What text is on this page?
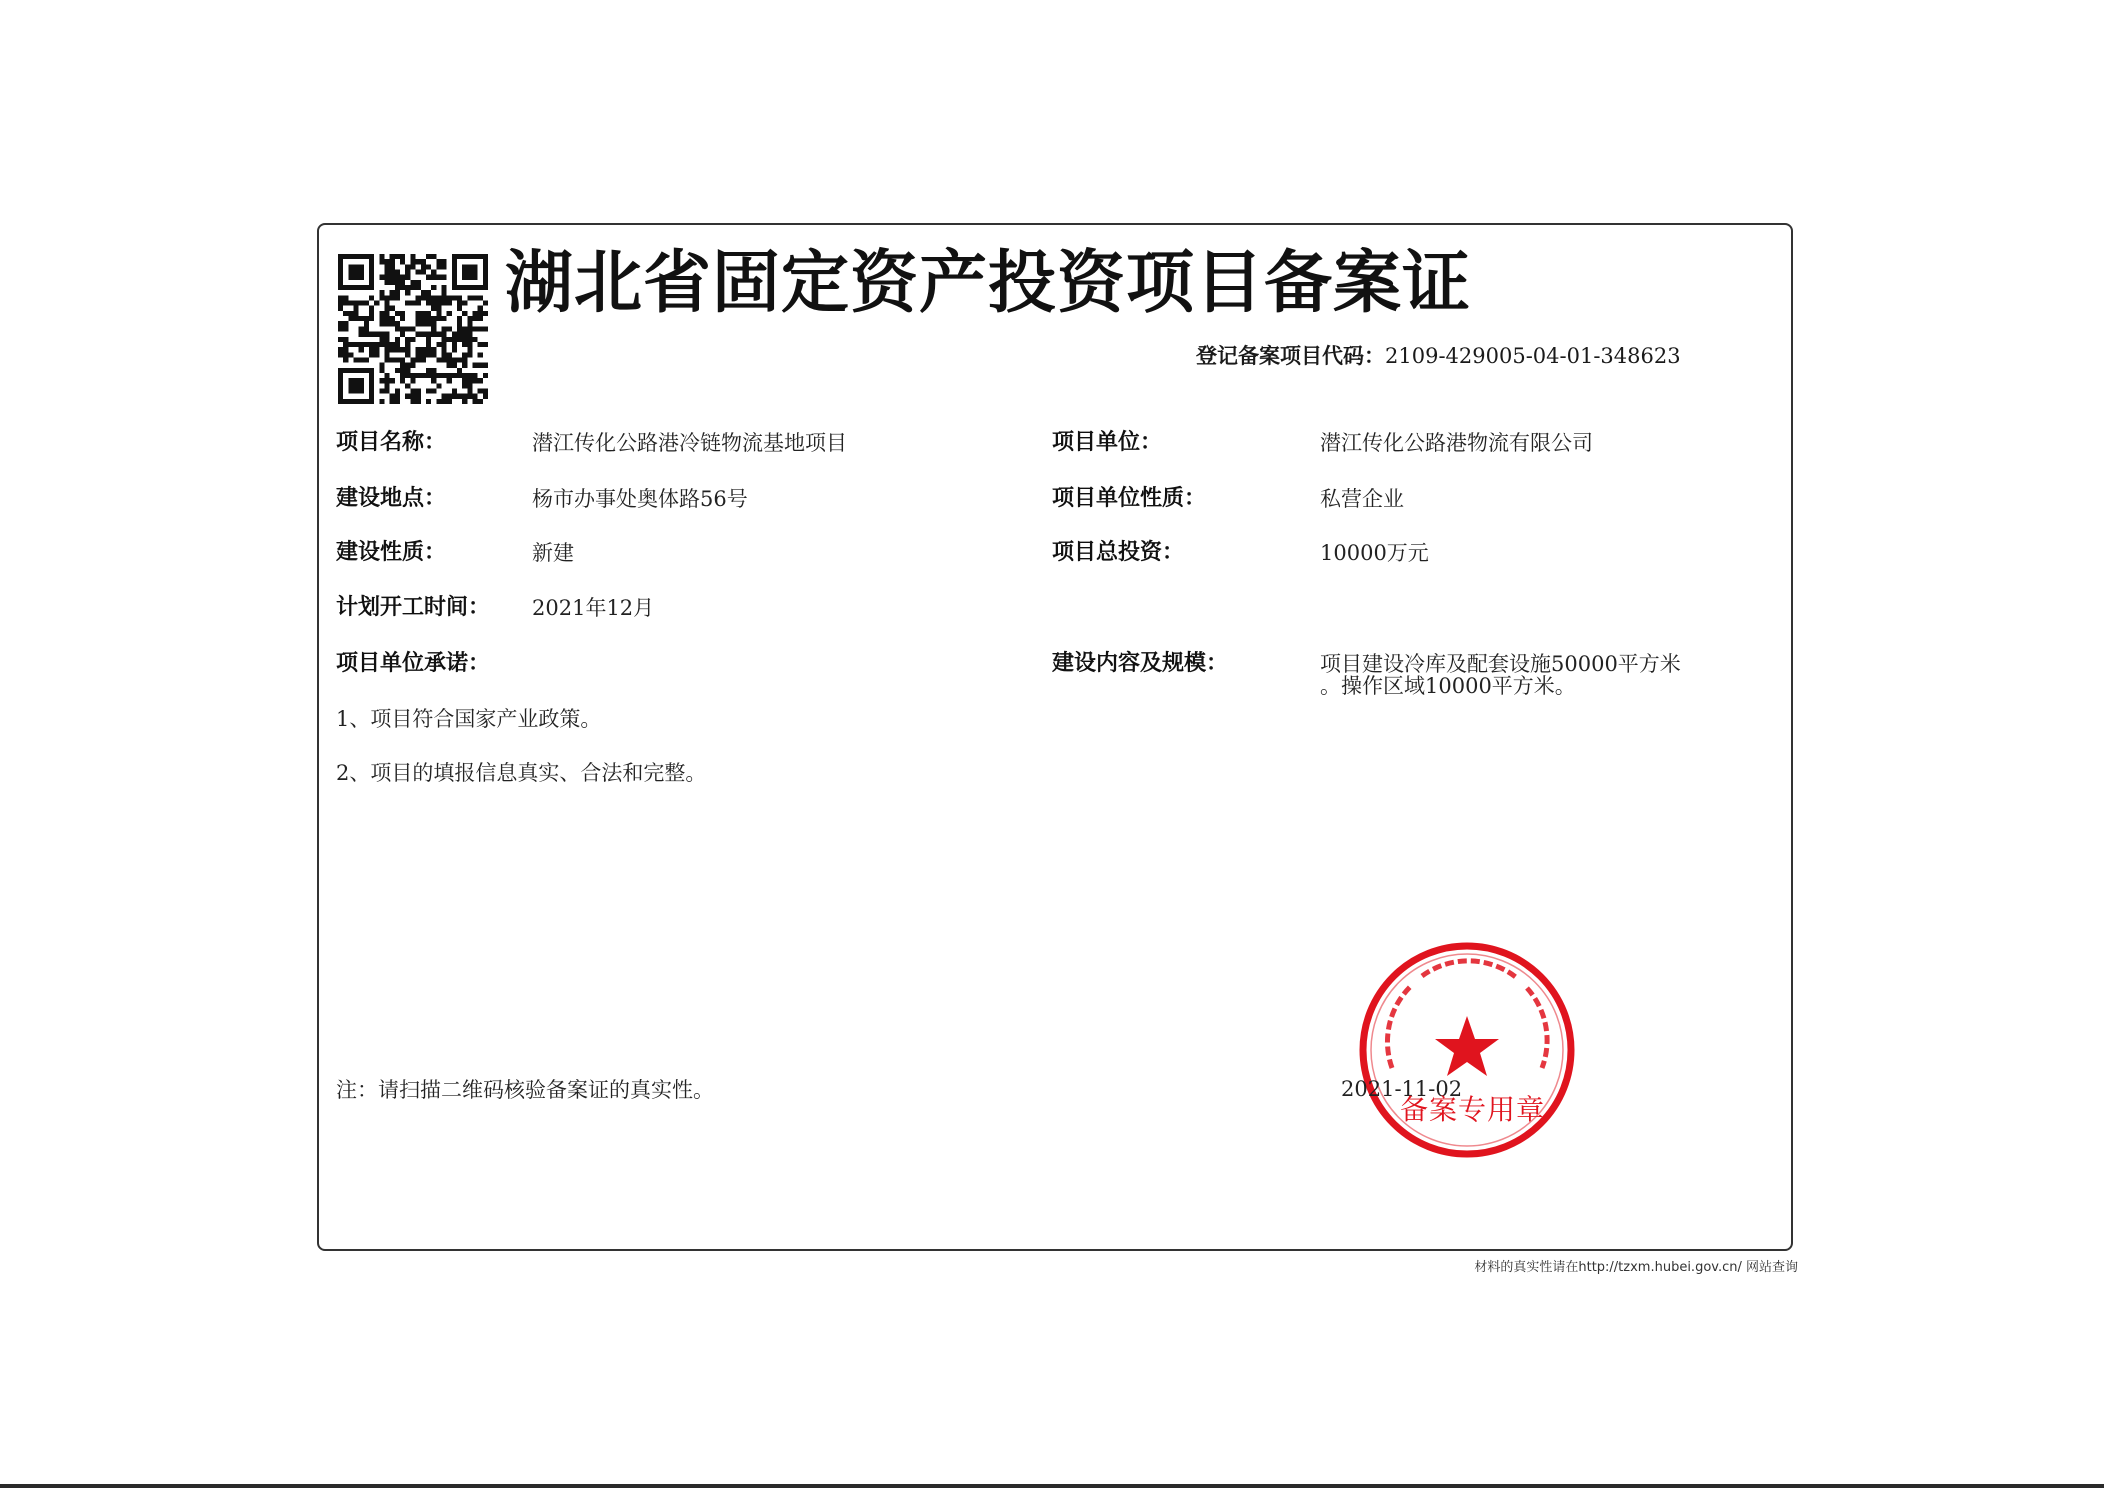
湖北省固定资产投资项目备案证
登记备案项目代码：2109-429005-04-01-348623
项目名称：	潜江传化公路港冷链物流基地项目
建设地点：	杨市办事处奥体路56号
建设性质：	新建
计划开工时间： 2021年12月
项目单位承诺：
1、项目符合国家产业政策。
2、项目的填报信息真实、合法和完整。
项目单位：	潜江传化公路港物流有限公司
项目单位性质：	私营企业
项目总投资：	10000万元
建设内容及规模：	项目建设冷库及配套设施50000平方米
。操作区域10000平方米。
注：请扫描二维码核验备案证的真实性。	2021-11-02
备案专用章
材料的真实性请在http://tzxm.hubei.gov.cn/ 网站查询
